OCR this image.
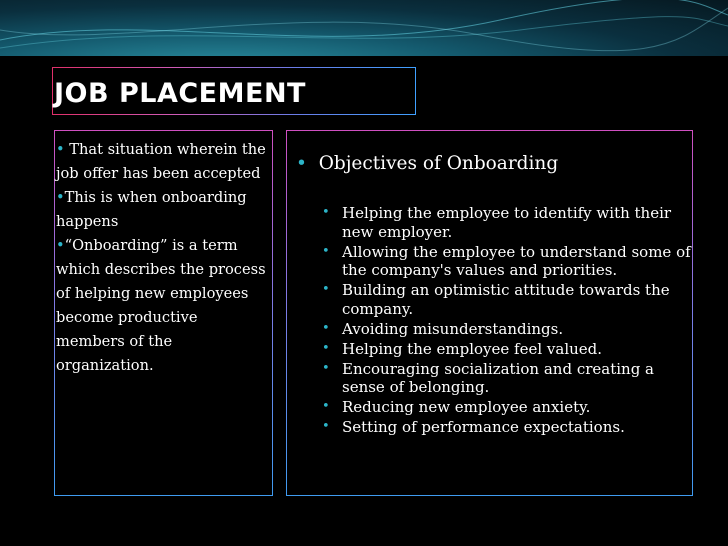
JOB PLACEMENT

• That situation wherein the job offer has been accepted

•This is when onboarding happens

•“Onboarding” is a term which describes the process of helping new employees become productive members of the organization.

• Objectives of Onboarding
• Helping the employee to identify with their new employer.
• Allowing the employee to understand some of the company's values and priorities.
• Building an optimistic attitude towards the company.
• Avoiding misunderstandings.
• Helping the employee feel valued.
• Encouraging socialization and creating a sense of belonging.
• Reducing new employee anxiety.
• Setting of performance expectations.
